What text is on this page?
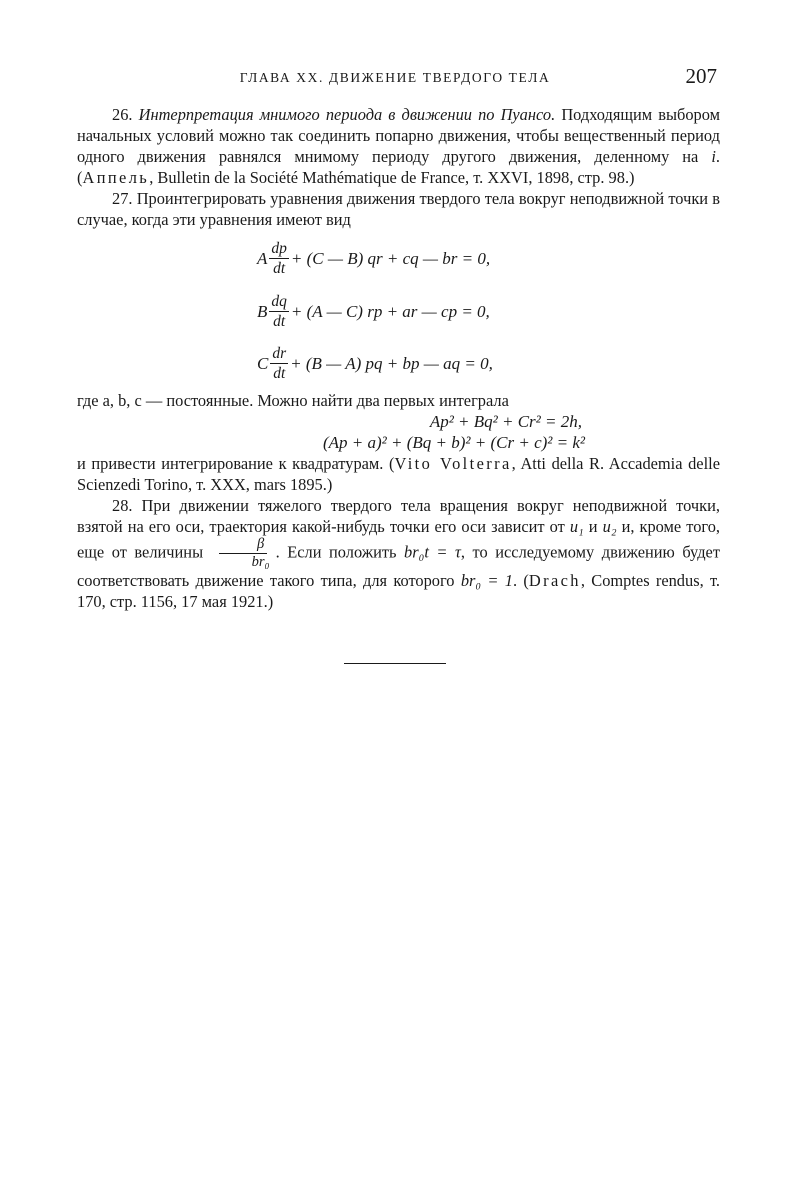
ГЛАВА XX. ДВИЖЕНИЕ ТВЕРДОГО ТЕЛА	207

26. Интерпретация мнимого периода в движении по Пуансо. Подходящим выбором начальных условий можно так соединить попарно движения, чтобы вещественный период одного движения равнялся мнимому периоду другого движения, деленному на i. (Аппель, Bulletin de la Société Mathématique de France, т. XXVI, 1898, стр. 98.)

27. Проинтегрировать уравнения движения твердого тела вокруг неподвижной точки в случае, когда эти уравнения имеют вид

A $\frac{dp}{dt} + (C$ — B) qr + cq — br = 0,
B $\frac{dq}{dt} + (A$ — C) rp + ar — cp = 0,
C $\frac{dr}{dt} + (B$ — A) pq + bp — aq = 0,
где a, b, c — постоянные. Можно найти два первых интеграла
Ap² + Bq² + Cr² = 2h,
(Ap + a)² + (Bq + b)² + (Cr + c)² = k²
и привести интегрирование к квадратурам. (Vito Volterra, Atti della R. Accademia delle Scienzedi Torino, т. XXX, mars 1895.)

28. При движении тяжелого твердого тела вращения вокруг неподвижной точки, взятой на его оси, траектория какой-нибудь точки его оси зависит от u₁ и u₂ и, кроме того, еще от величины $\frac{\beta}{\text{br₀}}$ . Если положить br₀t = τ, то исследуемому движению будет соответствовать движение такого типа, для которого br₀ = 1. (Drach, Comptes rendus, т. 170, стр. 1156, 17 мая 1921.)
